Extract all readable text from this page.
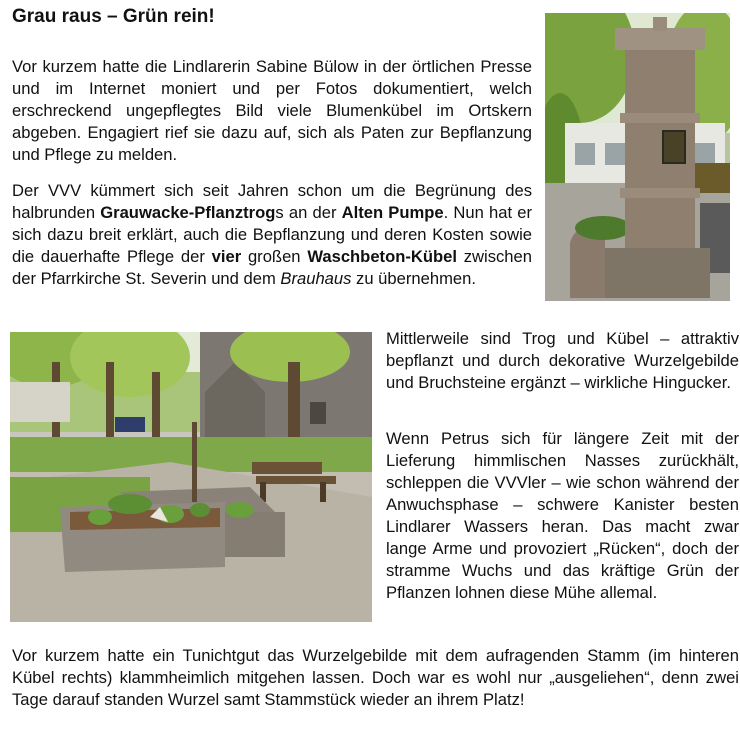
Grau raus – Grün rein!

Vor kurzem hatte die Lindlarerin Sabine Bülow in der örtlichen Presse und im Internet moniert und per Fotos dokumentiert, welch erschreckend ungepflegtes Bild viele Blumenkübel im Ortskern abgeben. Engagiert rief sie dazu auf, sich als Paten zur Bepflanzung und Pflege zu melden.

Der VVV kümmert sich seit Jahren schon um die Begrünung des halbrunden Grauwacke-Pflanztrogs an der Alten Pumpe. Nun hat er sich dazu breit erklärt, auch die Bepflanzung und deren Kosten sowie die dauerhafte Pflege der vier großen Waschbeton-Kübel zwischen der Pfarrkirche St. Severin und dem Brauhaus zu übernehmen.

Mittlerweile sind Trog und Kübel – attraktiv bepflanzt und durch dekorative Wurzelgebilde und Bruchsteine ergänzt – wirkliche Hingucker.

Wenn Petrus sich für längere Zeit mit der Lieferung himmlischen Nasses zurückhält, schleppen die VVVler – wie schon während der Anwuchsphase – schwere Kanister besten Lindlarer Wassers heran. Das macht zwar lange Arme und provoziert „Rücken“, doch der stramme Wuchs und das kräftige Grün der Pflanzen lohnen diese Mühe allemal.

Vor kurzem hatte ein Tunichtgut das Wurzelgebilde mit dem aufragenden Stamm (im hinteren Kübel rechts) klammheimlich mitgehen lassen. Doch war es wohl nur „ausgeliehen“, denn zwei Tage darauf standen Wurzel samt Stammstück wieder an ihrem Platz!
